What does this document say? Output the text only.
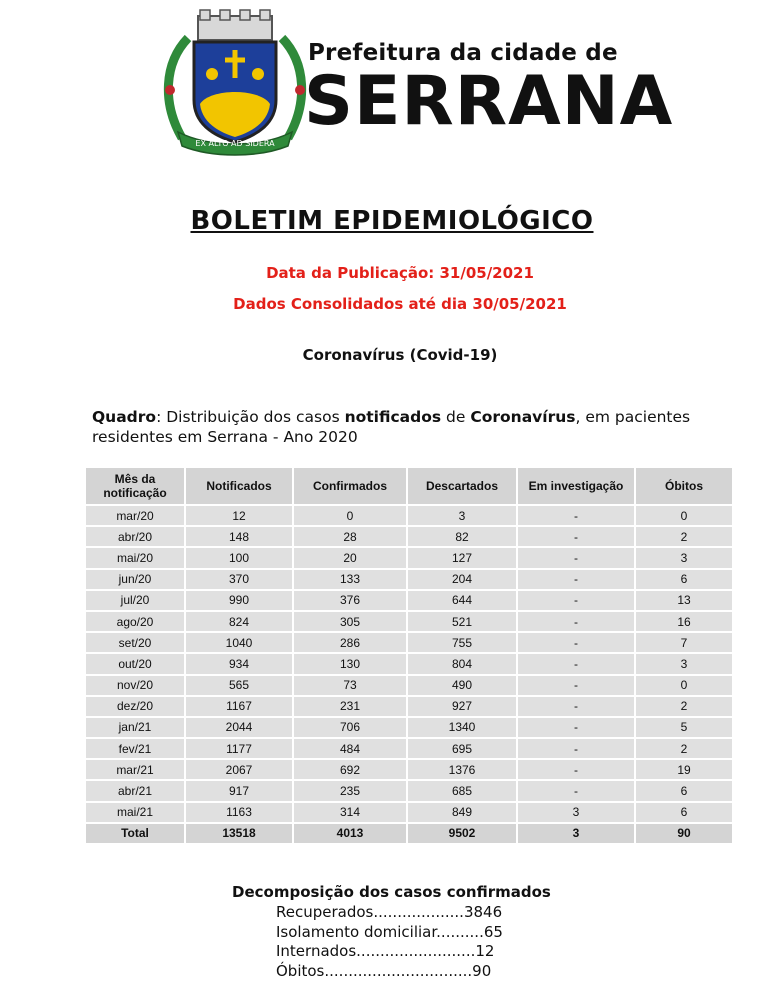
EX ALTO AD SIDERA
Prefeitura da cidade de
SERRANA
BOLETIM EPIDEMIOLÓGICO
Data da Publicação: 31/05/2021
Dados Consolidados até dia 30/05/2021
Coronavírus (Covid-19)
Quadro: Distribuição dos casos notificados de Coronavírus, em pacientes residentes em Serrana - Ano 2020
Mês da notificação	Notificados	Confirmados	Descartados	Em investigação	Óbitos
mar/20	12	0	3	-	0
abr/20	148	28	82	-	2
mai/20	100	20	127	-	3
jun/20	370	133	204	-	6
jul/20	990	376	644	-	13
ago/20	824	305	521	-	16
set/20	1040	286	755	-	7
out/20	934	130	804	-	3
nov/20	565	73	490	-	0
dez/20	1167	231	927	-	2
jan/21	2044	706	1340	-	5
fev/21	1177	484	695	-	2
mar/21	2067	692	1376	-	19
abr/21	917	235	685	-	6
mai/21	1163	314	849	3	6
Total	13518	4013	9502	3	90
Decomposição dos casos confirmados
Recuperados...................3846
Isolamento domiciliar..........65
Internados.........................12
Óbitos...............................90
